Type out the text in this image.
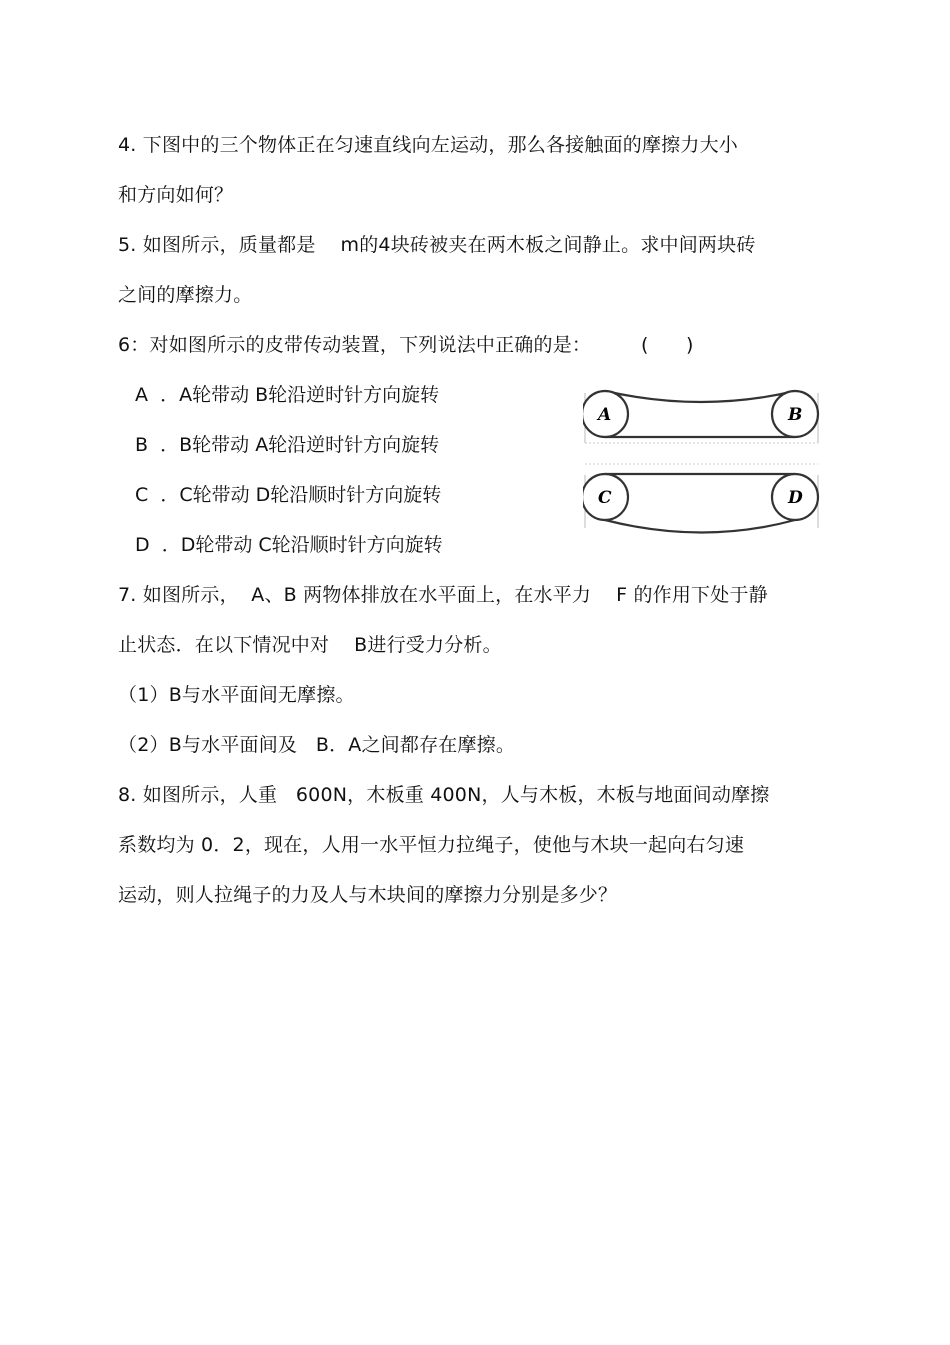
4. 下图中的三个物体正在匀速直线向左运动，那么各接触面的摩擦力大小
和方向如何？
5. 如图所示，质量都是    m的4块砖被夹在两木板之间静止。求中间两块砖
之间的摩擦力。
6：对如图所示的皮带传动装置，下列说法中正确的是：        (      )
A  ．A轮带动 B轮沿逆时针方向旋转
B  ．B轮带动 A轮沿逆时针方向旋转
C  ．C轮带动 D轮沿顺时针方向旋转
D  ．D轮带动 C轮沿顺时针方向旋转
A	B
C	D
7. 如图所示，  A、B 两物体排放在水平面上，在水平力    F 的作用下处于静
止状态．在以下情况中对    B进行受力分析。
（1）B与水平面间无摩擦。
（2）B与水平面间及   B．A之间都存在摩擦。
8. 如图所示，人重   600N，木板重 400N，人与木板，木板与地面间动摩擦
系数均为 0．2，现在，人用一水平恒力拉绳子，使他与木块一起向右匀速
运动，则人拉绳子的力及人与木块间的摩擦力分别是多少？
